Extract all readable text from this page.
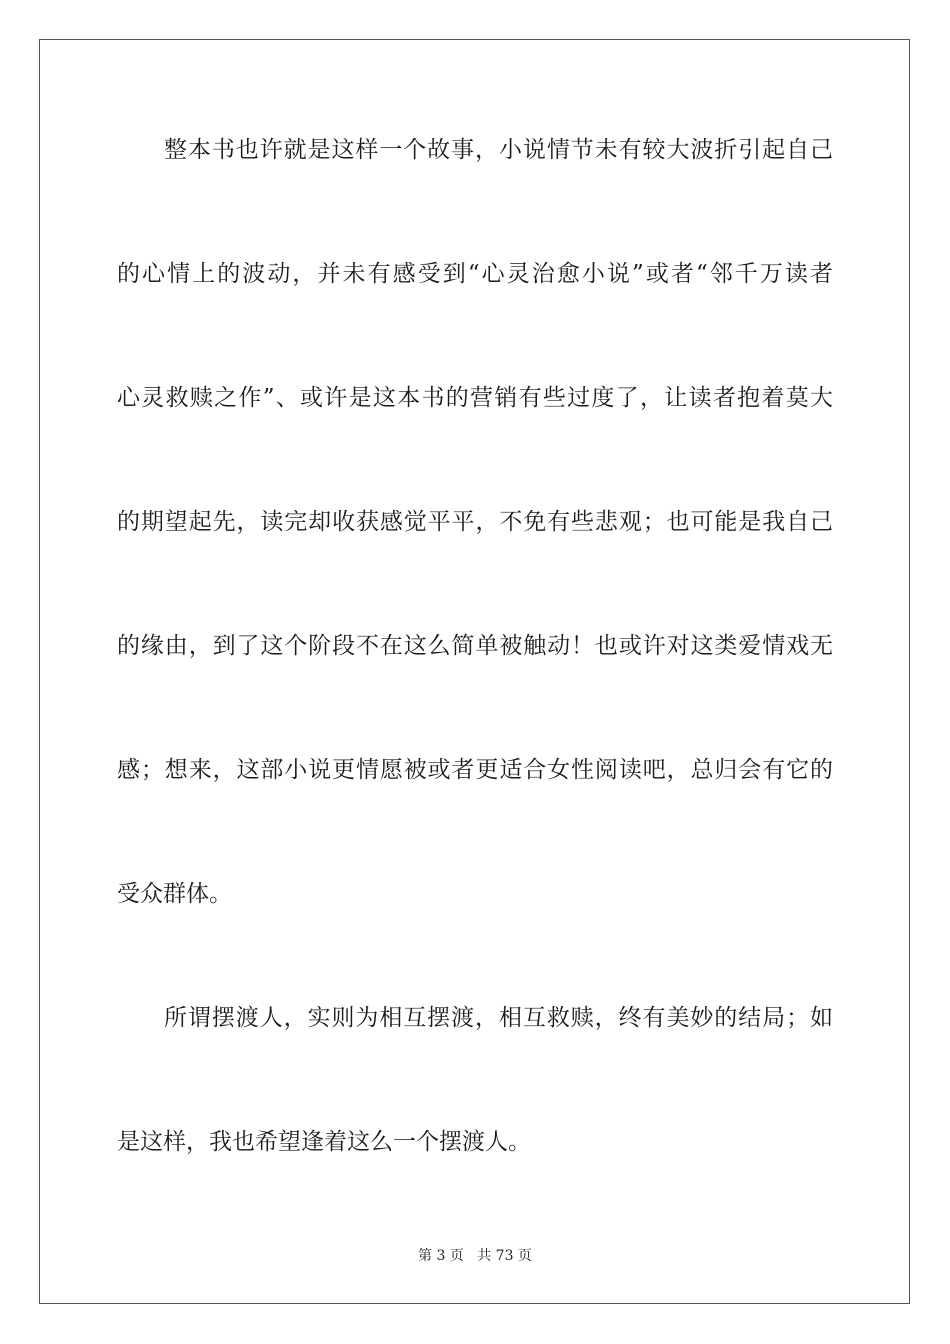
整本书也许就是这样一个故事，小说情节未有较大波折引起自己
的心情上的波动，并未有感受到“心灵治愈小说”或者“邻千万读者
心灵救赎之作”、或许是这本书的营销有些过度了，让读者抱着莫大
的期望起先，读完却收获感觉平平，不免有些悲观；也可能是我自己
的缘由，到了这个阶段不在这么简单被触动！也或许对这类爱情戏无
感；想来，这部小说更情愿被或者更适合女性阅读吧，总归会有它的
受众群体。
所谓摆渡人，实则为相互摆渡，相互救赎，终有美妙的结局；如
是这样，我也希望逢着这么一个摆渡人。
第 3 页 共 73 页
